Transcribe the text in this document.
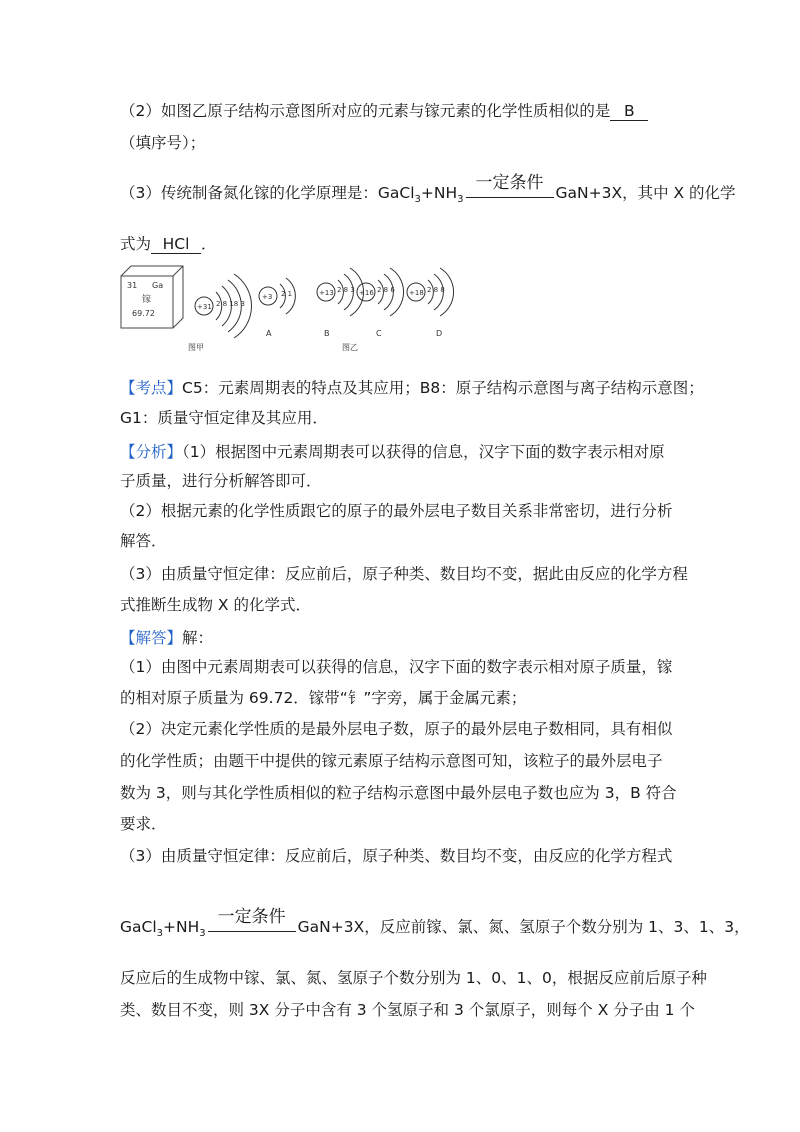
（2）如图乙原子结构示意图所对应的元素与镓元素的化学性质相似的是 B
（填序号）；
（3）传统制备氮化镓的化学原理是：$GaCl_3+NH_3$
一定条件 GaN+3X，其中 X 的化学
式为 HCl ．
31 Ga
镓
69.72
+31 2 8 18 3
图甲
+3 2 1
A
+13 2 8 3
B
+16 2 8 6
C
+18 2 8 8
D
图乙
【考点】C5：元素周期表的特点及其应用；B8：原子结构示意图与离子结构示意图；
G1：质量守恒定律及其应用．
【分析】（1）根据图中元素周期表可以获得的信息，汉字下面的数字表示相对原
子质量，进行分析解答即可．
（2）根据元素的化学性质跟它的原子的最外层电子数目关系非常密切，进行分析
解答．
（3）由质量守恒定律：反应前后，原子种类、数目均不变，据此由反应的化学方程
式推断生成物 X 的化学式．
【解答】解：
（1）由图中元素周期表可以获得的信息，汉字下面的数字表示相对原子质量，镓
的相对原子质量为 69.72．镓带“钅”字旁，属于金属元素；
（2）决定元素化学性质的是最外层电子数，原子的最外层电子数相同，具有相似
的化学性质；由题干中提供的镓元素原子结构示意图可知，该粒子的最外层电子
数为 3，则与其化学性质相似的粒子结构示意图中最外层电子数也应为 3，B 符合
要求．
（3）由质量守恒定律：反应前后，原子种类、数目均不变，由反应的化学方程式
$GaCl_3+NH_3$
一定条件 GaN+3X，反应前镓、氯、氮、氢原子个数分别为 1、3、1、3，
反应后的生成物中镓、氯、氮、氢原子个数分别为 1、0、1、0，根据反应前后原子种
类、数目不变，则 3X 分子中含有 3 个氢原子和 3 个氯原子，则每个 X 分子由 1 个
